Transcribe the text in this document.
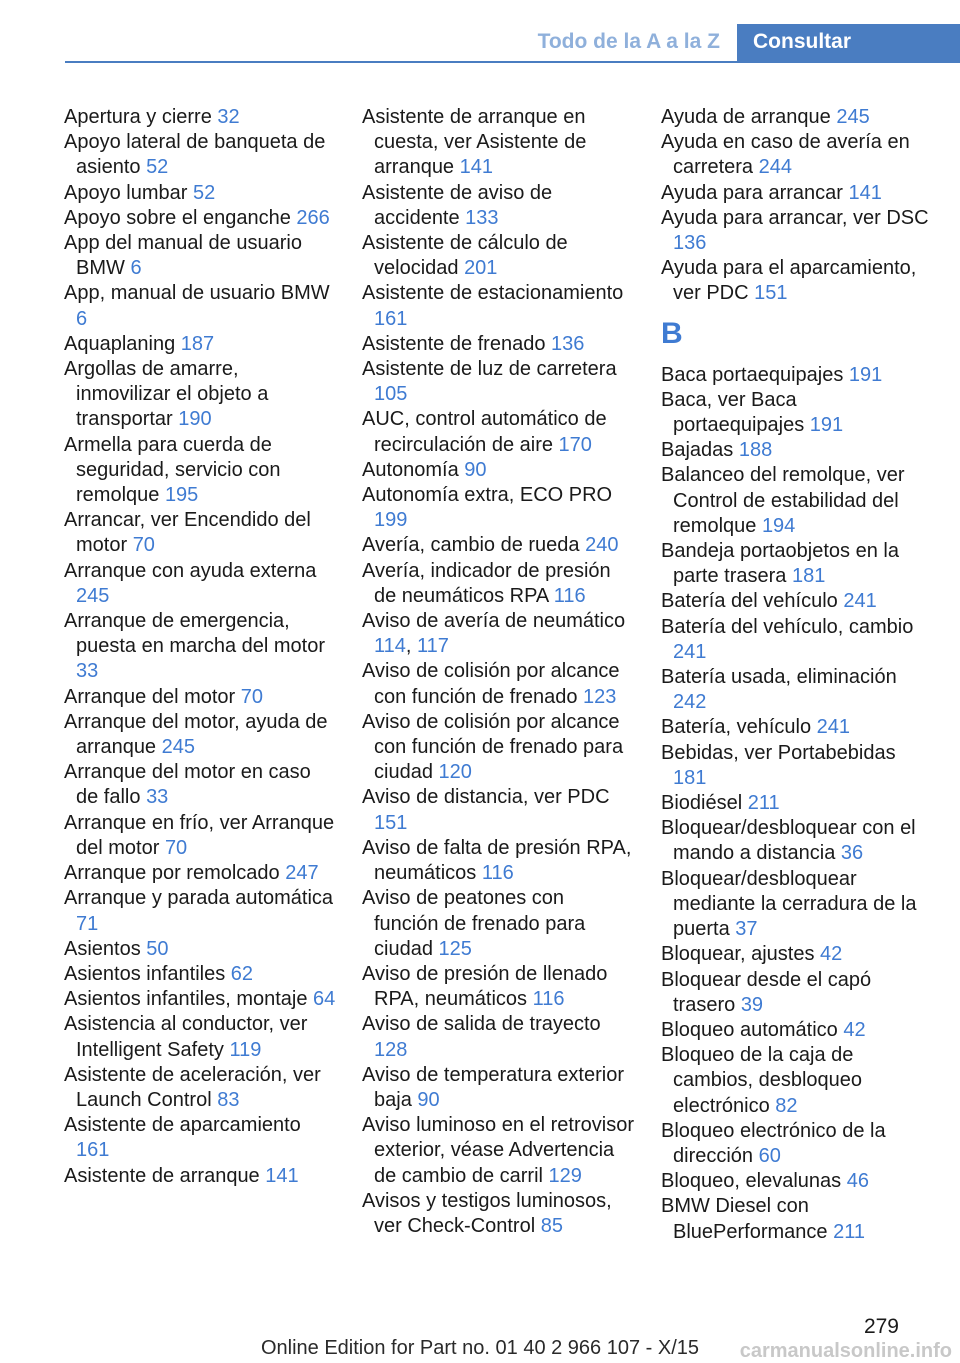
Todo de la A a la Z	Consultar
Apertura y cierre 32
Apoyo lateral de banqueta de asiento 52
Apoyo lumbar 52
Apoyo sobre el enganche 266
App del manual de usuario BMW 6
App, manual de usuario BMW 6
Aquaplaning 187
Argollas de amarre, inmovilizar el objeto a transportar 190
Armella para cuerda de seguridad, servicio con remolque 195
Arrancar, ver Encendido del motor 70
Arranque con ayuda externa 245
Arranque de emergencia, puesta en marcha del motor 33
Arranque del motor 70
Arranque del motor, ayuda de arranque 245
Arranque del motor en caso de fallo 33
Arranque en frío, ver Arranque del motor 70
Arranque por remolcado 247
Arranque y parada automática 71
Asientos 50
Asientos infantiles 62
Asientos infantiles, montaje 64
Asistencia al conductor, ver Intelligent Safety 119
Asistente de aceleración, ver Launch Control 83
Asistente de aparcamiento 161
Asistente de arranque 141
Asistente de arranque en cuesta, ver Asistente de arranque 141
Asistente de aviso de accidente 133
Asistente de cálculo de velocidad 201
Asistente de estacionamiento 161
Asistente de frenado 136
Asistente de luz de carretera 105
AUC, control automático de recirculación de aire 170
Autonomía 90
Autonomía extra, ECO PRO 199
Avería, cambio de rueda 240
Avería, indicador de presión de neumáticos RPA 116
Aviso de avería de neumático 114, 117
Aviso de colisión por alcance con función de frenado 123
Aviso de colisión por alcance con función de frenado para ciudad 120
Aviso de distancia, ver PDC 151
Aviso de falta de presión RPA, neumáticos 116
Aviso de peatones con función de frenado para ciudad 125
Aviso de presión de llenado RPA, neumáticos 116
Aviso de salida de trayecto 128
Aviso de temperatura exterior baja 90
Aviso luminoso en el retrovisor exterior, véase Advertencia de cambio de carril 129
Avisos y testigos luminosos, ver Check-Control 85
Ayuda de arranque 245
Ayuda en caso de avería en carretera 244
Ayuda para arrancar 141
Ayuda para arrancar, ver DSC 136
Ayuda para el aparcamiento, ver PDC 151
B
Baca portaequipajes 191
Baca, ver Baca portaequipajes 191
Bajadas 188
Balanceo del remolque, ver Control de estabilidad del remolque 194
Bandeja portaobjetos en la parte trasera 181
Batería del vehículo 241
Batería del vehículo, cambio 241
Batería usada, eliminación 242
Batería, vehículo 241
Bebidas, ver Portabebidas 181
Biodiésel 211
Bloquear/desbloquear con el mando a distancia 36
Bloquear/desbloquear mediante la cerradura de la puerta 37
Bloquear, ajustes 42
Bloquear desde el capó trasero 39
Bloqueo automático 42
Bloqueo de la caja de cambios, desbloqueo electrónico 82
Bloqueo electrónico de la dirección 60
Bloqueo, elevalunas 46
BMW Diesel con BluePerformance 211
279
Online Edition for Part no. 01 40 2 966 107 - X/15	carmanualsonline.info
